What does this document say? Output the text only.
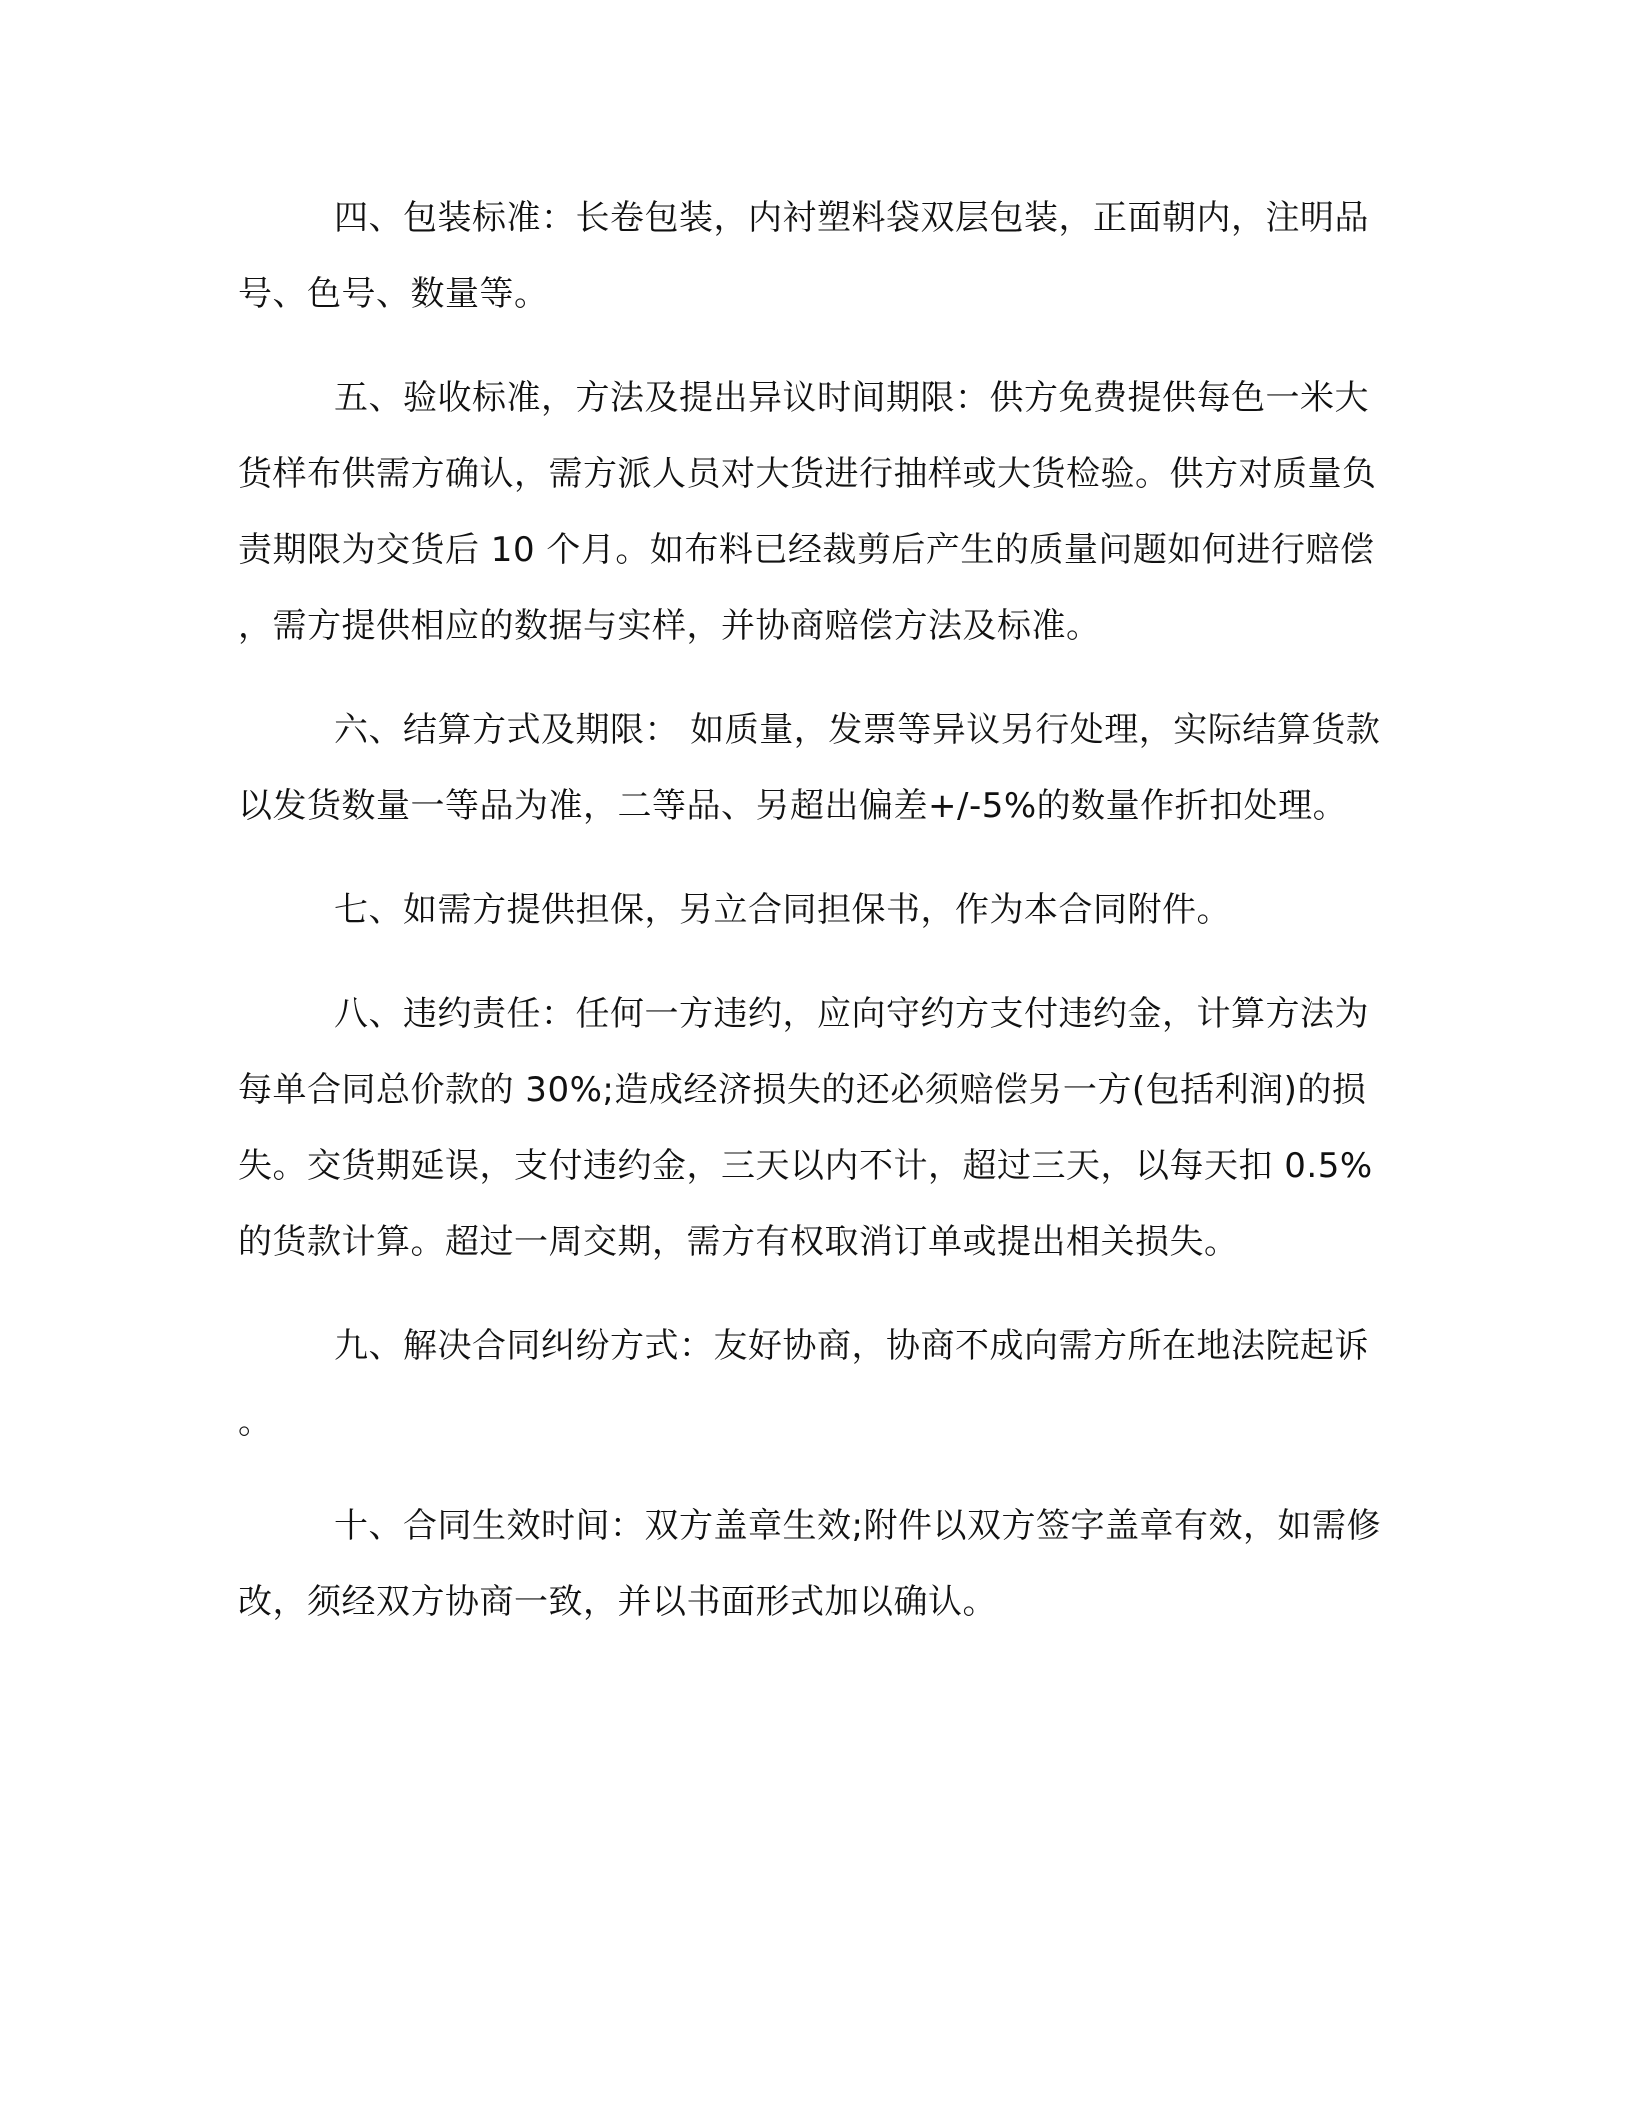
四、包装标准：长卷包装，内衬塑料袋双层包装，正面朝内，注明品号、色号、数量等。

五、验收标准，方法及提出异议时间期限：供方免费提供每色一米大货样布供需方确认，需方派人员对大货进行抽样或大货检验。供方对质量负责期限为交货后 10 个月。如布料已经裁剪后产生的质量问题如何进行赔偿，需方提供相应的数据与实样，并协商赔偿方法及标准。

六、结算方式及期限： 如质量，发票等异议另行处理，实际结算货款以发货数量一等品为准，二等品、另超出偏差+/-5%的数量作折扣处理。

七、如需方提供担保，另立合同担保书，作为本合同附件。

八、违约责任：任何一方违约，应向守约方支付违约金，计算方法为每单合同总价款的 30%;造成经济损失的还必须赔偿另一方(包括利润)的损失。交货期延误，支付违约金，三天以内不计，超过三天，以每天扣 0.5%的货款计算。超过一周交期，需方有权取消订单或提出相关损失。

九、解决合同纠纷方式：友好协商，协商不成向需方所在地法院起诉。

十、合同生效时间：双方盖章生效;附件以双方签字盖章有效，如需修改，须经双方协商一致，并以书面形式加以确认。
